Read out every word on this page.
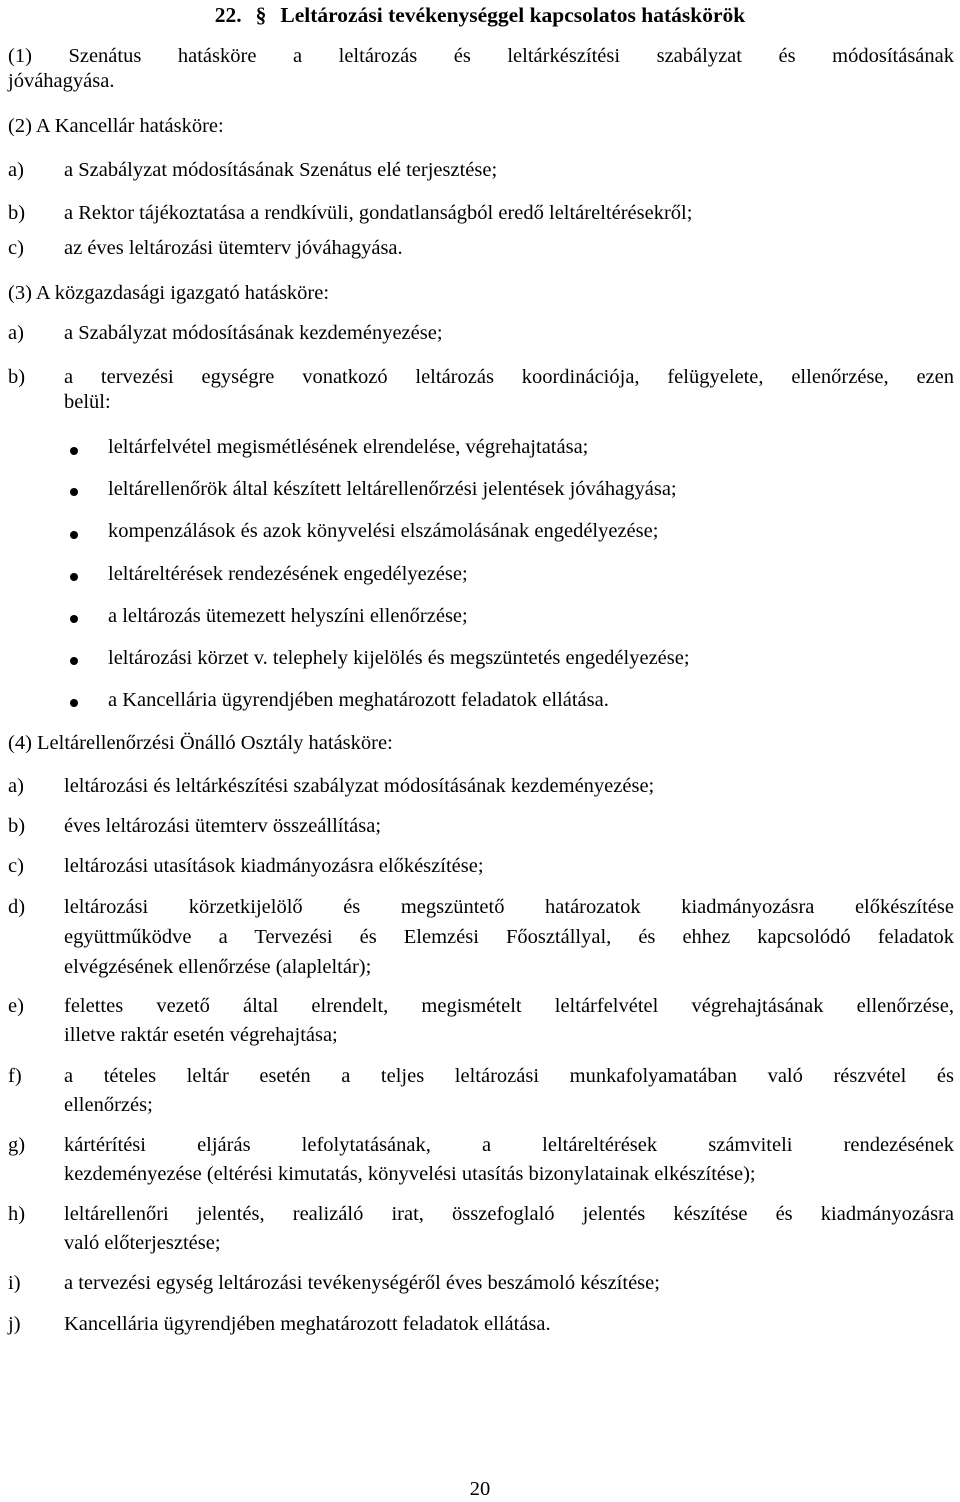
22. § Leltározási tevékenységgel kapcsolatos hatáskörök
(1) Szenátus hatásköre a leltározás és leltárkészítési szabályzat és módosításának
jóváhagyása.
(2) A Kancellár hatásköre:
a) a Szabályzat módosításának Szenátus elé terjesztése;
b) a Rektor tájékoztatása a rendkívüli, gondatlanságból eredő leltáreltérésekről;
c) az éves leltározási ütemterv jóváhagyása.
(3) A közgazdasági igazgató hatásköre:
a) a Szabályzat módosításának kezdeményezése;
b) a tervezési egységre vonatkozó leltározás koordinációja, felügyelete, ellenőrzése, ezen
belül:
leltárfelvétel megismétlésének elrendelése, végrehajtatása;
leltárellenőrök által készített leltárellenőrzési jelentések jóváhagyása;
kompenzálások és azok könyvelési elszámolásának engedélyezése;
leltáreltérések rendezésének engedélyezése;
a leltározás ütemezett helyszíni ellenőrzése;
leltározási körzet v. telephely kijelölés és megszüntetés engedélyezése;
a Kancellária ügyrendjében meghatározott feladatok ellátása.
(4) Leltárellenőrzési Önálló Osztály hatásköre:
a) leltározási és leltárkészítési szabályzat módosításának kezdeményezése;
b) éves leltározási ütemterv összeállítása;
c) leltározási utasítások kiadmányozásra előkészítése;
d) leltározási körzetkijelölő és megszüntető határozatok kiadmányozásra előkészítése
együttműködve a Tervezési és Elemzési Főosztállyal, és ehhez kapcsolódó feladatok
elvégzésének ellenőrzése (alapleltár);
e) felettes vezető által elrendelt, megismételt leltárfelvétel végrehajtásának ellenőrzése,
illetve raktár esetén végrehajtása;
f) a tételes leltár esetén a teljes leltározási munkafolyamatában való részvétel és
ellenőrzés;
g) kártérítési eljárás lefolytatásának, a leltáreltérések számviteli rendezésének
kezdeményezése (eltérési kimutatás, könyvelési utasítás bizonylatainak elkészítése);
h) leltárellenőri jelentés, realizáló irat, összefoglaló jelentés készítése és kiadmányozásra
való előterjesztése;
i) a tervezési egység leltározási tevékenységéről éves beszámoló készítése;
j) Kancellária ügyrendjében meghatározott feladatok ellátása.
20
